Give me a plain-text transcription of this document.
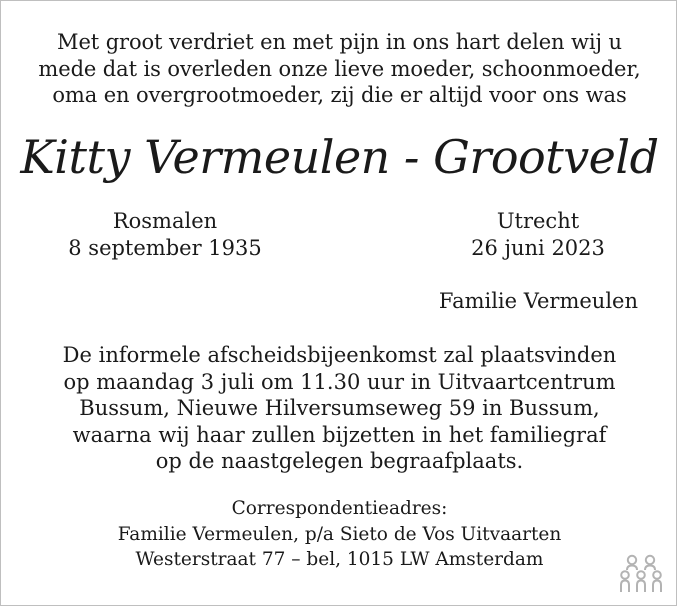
Met groot verdriet en met pijn in ons hart delen wij u
mede dat is overleden onze lieve moeder, schoonmoeder,
oma en overgrootmoeder, zij die er altijd voor ons was
Kitty Vermeulen - Grootveld
Rosmalen
8 september 1935
Utrecht
26 juni 2023
Familie Vermeulen
De informele afscheidsbijeenkomst zal plaatsvinden
op maandag 3 juli om 11.30 uur in Uitvaartcentrum
Bussum, Nieuwe Hilversumseweg 59 in Bussum,
waarna wij haar zullen bijzetten in het familiegraf
op de naastgelegen begraafplaats.
Correspondentieadres:
Familie Vermeulen, p/a Sieto de Vos Uitvaarten
Westerstraat 77 – bel, 1015 LW Amsterdam
